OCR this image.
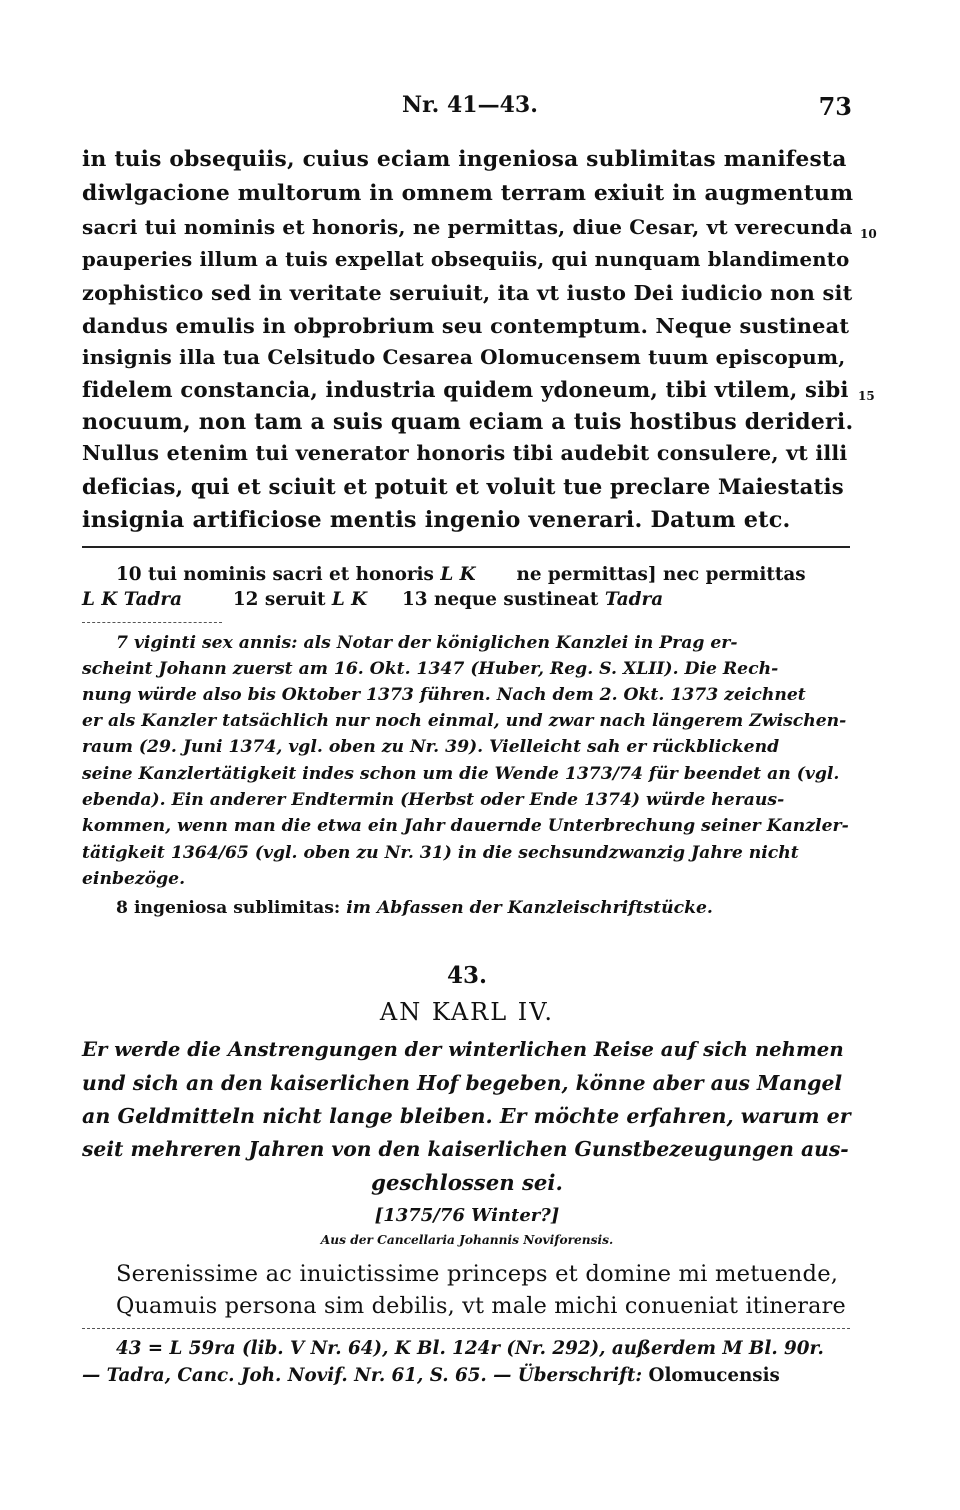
Nr. 41—43.	73
in tuis obsequiis, cuius eciam ingeniosa sublimitas manifesta
diwlgacione multorum in omnem terram exiuit in augmentum
sacri tui nominis et honoris, ne permittas, diue Cesar, vt verecunda
pauperies illum a tuis expellat obsequiis, qui nunquam blandimento
zophistico sed in veritate seruiuit, ita vt iusto Dei iudicio non sit
dandus emulis in obprobrium seu contemptum. Neque sustineat
insignis illa tua Celsitudo Cesarea Olomucensem tuum episcopum,
fidelem constancia, industria quidem ydoneum, tibi vtilem, sibi
nocuum, non tam a suis quam eciam a tuis hostibus derideri.
Nullus etenim tui venerator honoris tibi audebit consulere, vt illi
deficias, qui et sciuit et potuit et voluit tue preclare Maiestatis
insignia artificiose mentis ingenio venerari. Datum etc.
10
15
10 tui nominis sacri et honoris L K ne permittas] nec permittas
L K Tadra	12 seruit L K 13 neque sustineat Tadra
7 viginti sex annis: als Notar der königlichen Kanzlei in Prag er-
scheint Johann zuerst am 16. Okt. 1347 (Huber, Reg. S. XLII). Die Rech-
nung würde also bis Oktober 1373 führen. Nach dem 2. Okt. 1373 zeichnet
er als Kanzler tatsächlich nur noch einmal, und zwar nach längerem Zwischen-
raum (29. Juni 1374, vgl. oben zu Nr. 39). Vielleicht sah er rückblickend
seine Kanzlertätigkeit indes schon um die Wende 1373/74 für beendet an (vgl.
ebenda). Ein anderer Endtermin (Herbst oder Ende 1374) würde heraus-
kommen, wenn man die etwa ein Jahr dauernde Unterbrechung seiner Kanzler-
tätigkeit 1364/65 (vgl. oben zu Nr. 31) in die sechsundzwanzig Jahre nicht
einbezöge.
8 ingeniosa sublimitas: im Abfassen der Kanzleischriftstücke.
43.
AN KARL IV.
Er werde die Anstrengungen der winterlichen Reise auf sich nehmen
und sich an den kaiserlichen Hof begeben, könne aber aus Mangel
an Geldmitteln nicht lange bleiben. Er möchte erfahren, warum er
seit mehreren Jahren von den kaiserlichen Gunstbezeugungen aus-
geschlossen sei.
[1375/76 Winter?]
Aus der Cancellaria Johannis Noviforensis.
Serenissime ac inuictissime princeps et domine mi metuende,
Quamuis persona sim debilis, vt male michi conueniat itinerare
43 = L 59ra (lib. V Nr. 64), K Bl. 124r (Nr. 292), außerdem M Bl. 90r.
— Tadra, Canc. Joh. Novif. Nr. 61, S. 65. — Überschrift: Olomucensis
